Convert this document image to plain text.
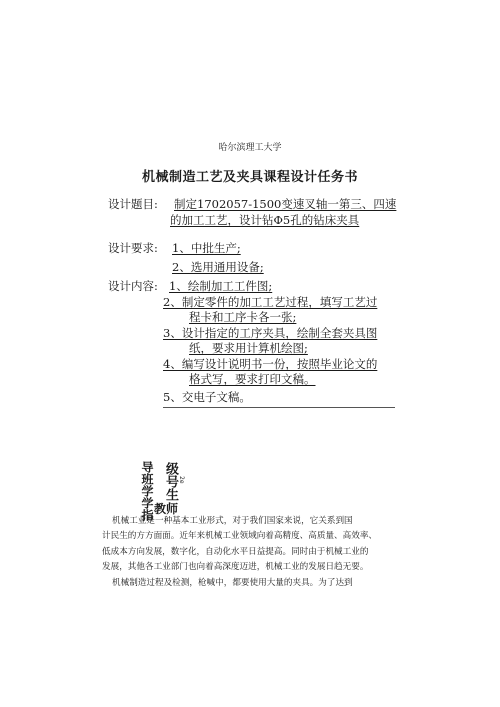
哈尔滨理工大学
机械制造工艺及夹具课程设计任务书
设计题目: 制定1702057-1500变速叉轴一第三、四速
的加工工艺，设计钻Φ5孔的钻床夹具
设计要求: 1、中批生产;
2、选用通用设备;
设计内容: 1、绘制加工工件图;
2、制定零件的加工工艺过程，填写工艺过
程卡和工序卡各一张;
3、设计指定的工序夹具，绘制全套夹具图
纸，要求用计算机绘图;
4、编写设计说明书一份，按照毕业论文的
格式写，要求打印文稿。
5、交电子文稿。
导班学学指 级号生 2e
教师
机械工业是一种基本工业形式，对于我们国家来说，它关系到国
计民生的方方面面。近年来机械工业领域向着高精度、高质量、高效率、
低成本方向发展，数字化，自动化水平日益提高。同时由于机械工业的
发展，其他各工业部门也向着高深度迈进，机械工业的发展日趋无要。
机械制造过程及检测，枪喊中，都要使用大量的夹具。为了达到
